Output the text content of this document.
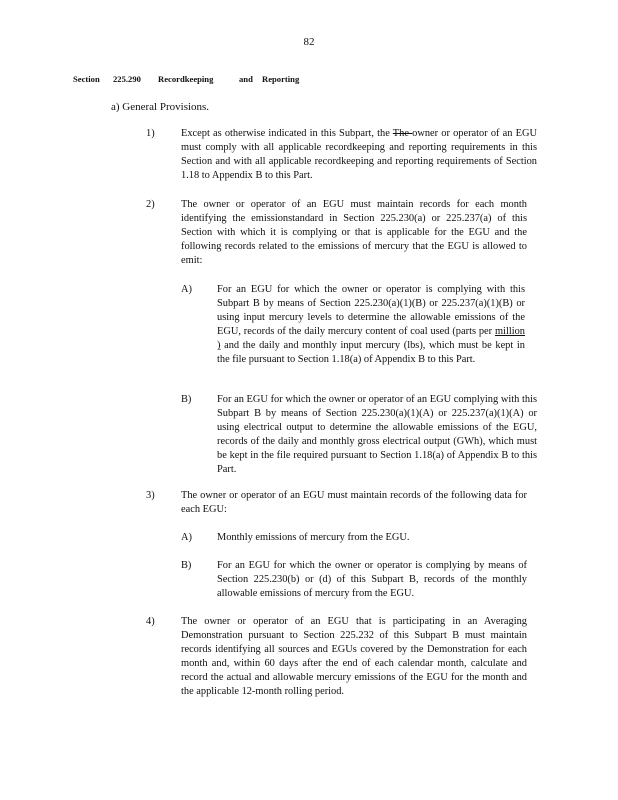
82
Section 225.290 Recordkeeping	and Reporting
a) General Provisions.
1)	Except as otherwise indicated in this Subpart, the The owner or operator of an EGU must comply with all applicable recordkeeping and reporting requirements in this Section and with all applicable recordkeeping and reporting requirements of Section 1.18 to Appendix B to this Part.
2)	The owner or operator of an EGU must maintain records for each month identifying the emissionstandard in Section 225.230(a) or 225.237(a) of this Section with which it is complying or that is applicable for the EGU and the following records related to the emissions of mercury that the EGU is allowed to emit:
A) For an EGU for which the owner or operator is complying with this Subpart B by means of Section 225.230(a)(1)(B) or 225.237(a)(1)(B) or using input mercury levels to determine the allowable emissions of the EGU, records of the daily mercury content of coal used (parts per million ) and the daily and monthly input mercury (lbs), which must be kept in the file pursuant to Section 1.18(a) of Appendix B to this Part.
B) For an EGU for which the owner or operator of an EGU complying with this Subpart B by means of Section 225.230(a)(1)(A) or 225.237(a)(1)(A) or using electrical output to determine the allowable emissions of the EGU, records of the daily and monthly gross electrical output (GWh), which must be kept in the file required pursuant to Section 1.18(a) of Appendix B to this Part.
3)	The owner or operator of an EGU must maintain records of the following data for each EGU:
A) Monthly emissions of mercury from the EGU.
B) For an EGU for which the owner or operator is complying by means of Section 225.230(b) or (d) of this Subpart B, records of the monthly allowable emissions of mercury from the EGU.
4)	The owner or operator of an EGU that is participating in an Averaging Demonstration pursuant to Section 225.232 of this Subpart B must maintain records identifying all sources and EGUs covered by the Demonstration for each month and, within 60 days after the end of each calendar month, calculate and record the actual and allowable mercury emissions of the EGU for the month and the applicable 12-month rolling period.
